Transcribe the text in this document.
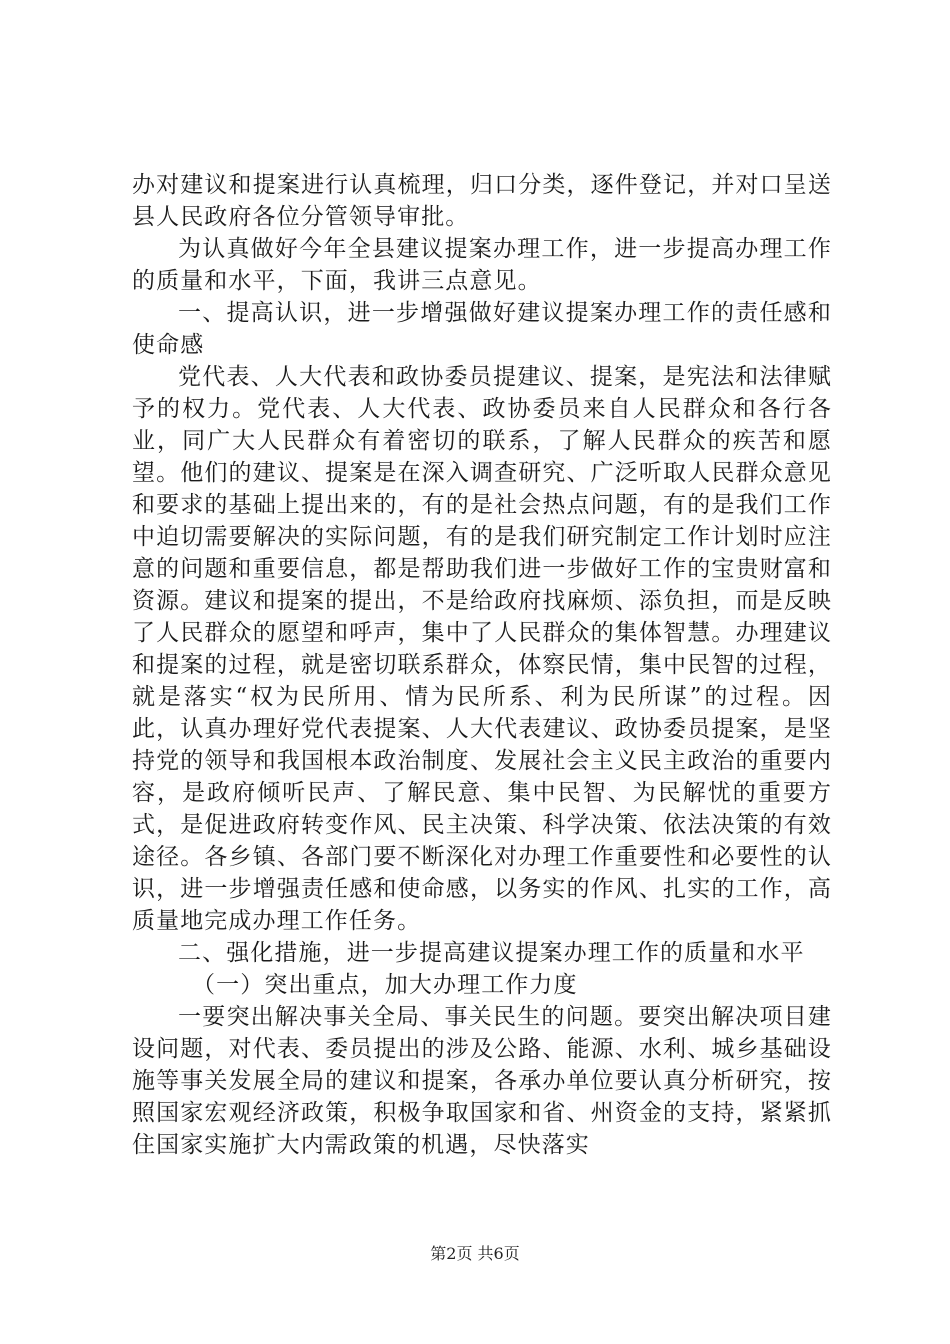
办对建议和提案进行认真梳理，归口分类，逐件登记，并对口呈送县人民政府各位分管领导审批。

为认真做好今年全县建议提案办理工作，进一步提高办理工作的质量和水平，下面，我讲三点意见。

一、提高认识，进一步增强做好建议提案办理工作的责任感和使命感

党代表、人大代表和政协委员提建议、提案，是宪法和法律赋予的权力。党代表、人大代表、政协委员来自人民群众和各行各业，同广大人民群众有着密切的联系，了解人民群众的疾苦和愿望。他们的建议、提案是在深入调查研究、广泛听取人民群众意见和要求的基础上提出来的，有的是社会热点问题，有的是我们工作中迫切需要解决的实际问题，有的是我们研究制定工作计划时应注意的问题和重要信息，都是帮助我们进一步做好工作的宝贵财富和资源。建议和提案的提出，不是给政府找麻烦、添负担，而是反映了人民群众的愿望和呼声，集中了人民群众的集体智慧。办理建议和提案的过程，就是密切联系群众，体察民情，集中民智的过程，就是落实“权为民所用、情为民所系、利为民所谋”的过程。因此，认真办理好党代表提案、人大代表建议、政协委员提案，是坚持党的领导和我国根本政治制度、发展社会主义民主政治的重要内容，是政府倾听民声、了解民意、集中民智、为民解忧的重要方式，是促进政府转变作风、民主决策、科学决策、依法决策的有效途径。各乡镇、各部门要不断深化对办理工作重要性和必要性的认识，进一步增强责任感和使命感，以务实的作风、扎实的工作，高质量地完成办理工作任务。

二、强化措施，进一步提高建议提案办理工作的质量和水平

（一）突出重点，加大办理工作力度

一要突出解决事关全局、事关民生的问题。要突出解决项目建设问题，对代表、委员提出的涉及公路、能源、水利、城乡基础设施等事关发展全局的建议和提案，各承办单位要认真分析研究，按照国家宏观经济政策，积极争取国家和省、州资金的支持，紧紧抓住国家实施扩大内需政策的机遇，尽快落实

第2页 共6页
